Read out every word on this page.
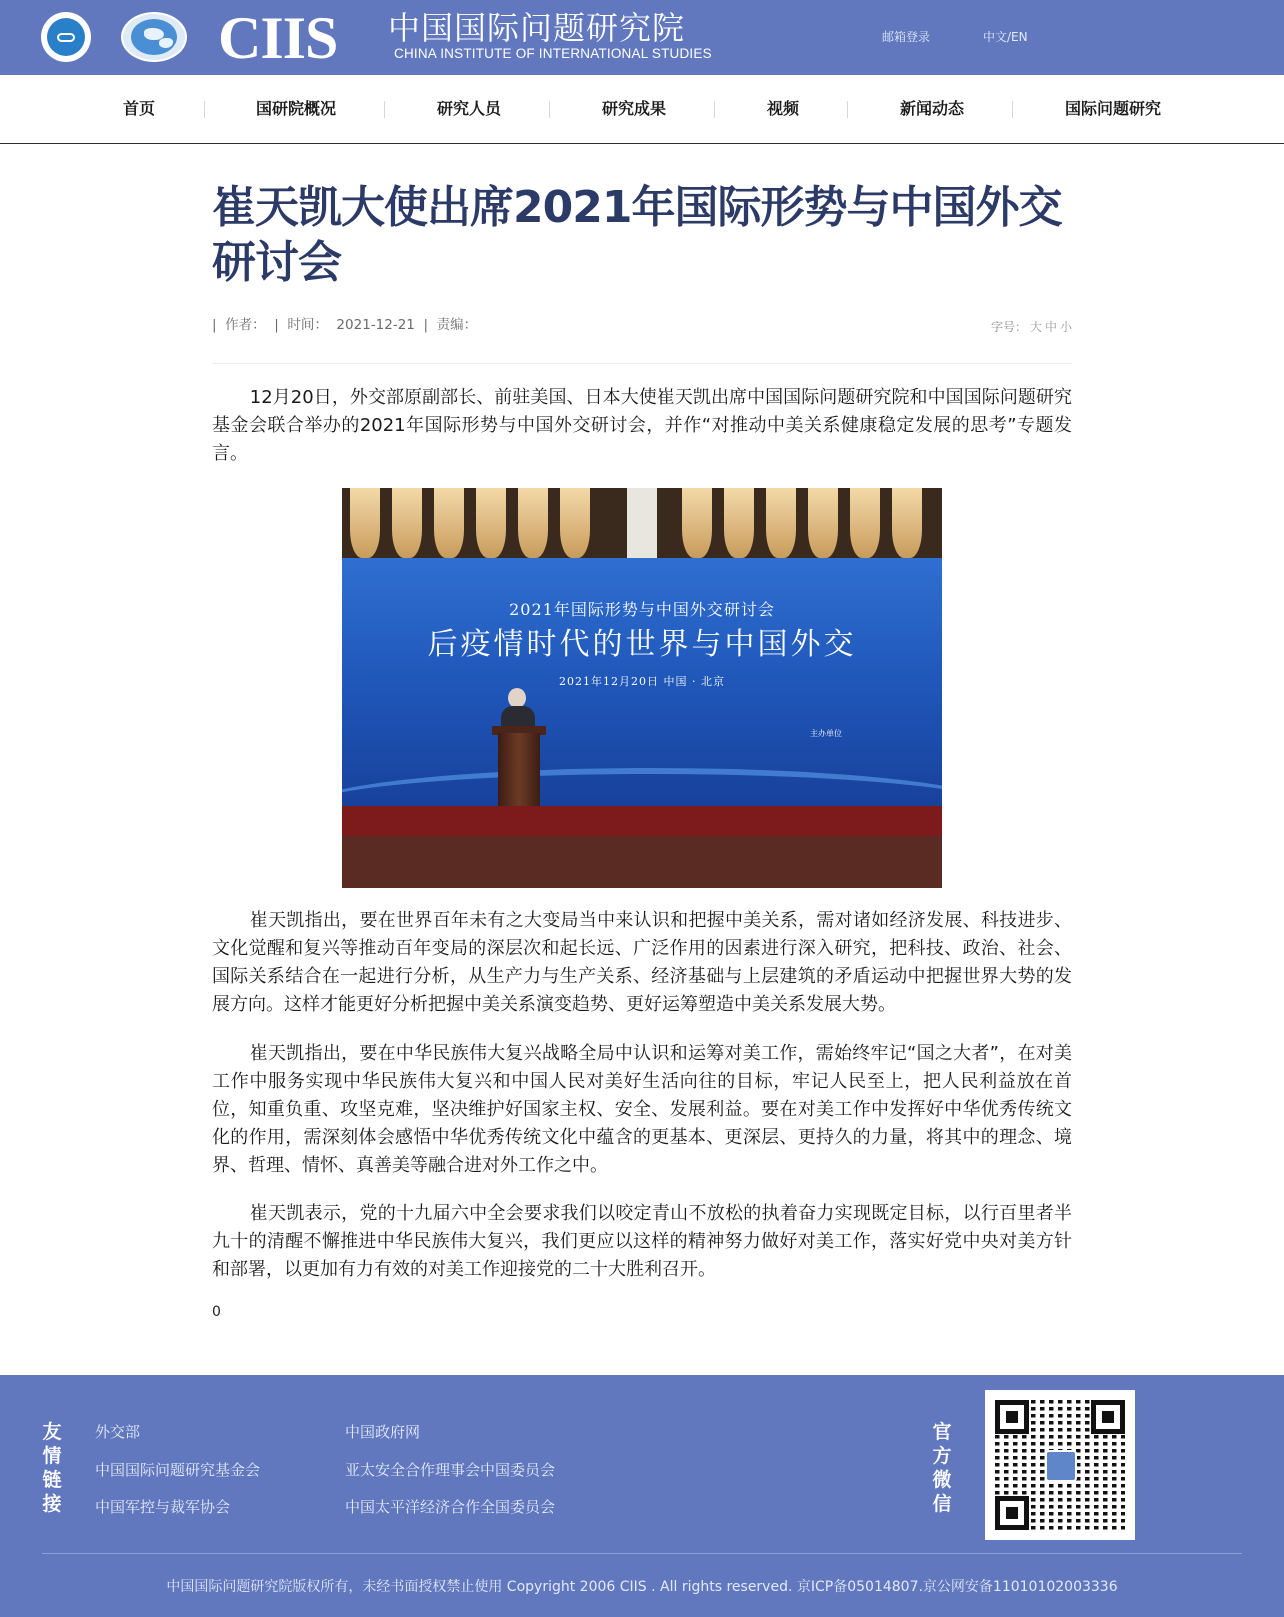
CIIS 中国国际问题研究院
CHINA INSTITUTE OF INTERNATIONAL STUDIES
邮箱登录	中文/EN
首页	国研院概况	研究人员	研究成果	视频	新闻动态	国际问题研究
崔天凯大使出席2021年国际形势与中国外交研讨会
|  作者：  |  时间：  2021-12-21  |  责编：	字号： 大 中 小

12月20日，外交部原副部长、前驻美国、日本大使崔天凯出席中国国际问题研究院和中国国际问题研究基金会联合举办的2021年国际形势与中国外交研讨会，并作“对推动中美关系健康稳定发展的思考”专题发言。

2021年国际形势与中国外交研讨会
后疫情时代的世界与中国外交
2021年12月20日 中国 · 北京
主办单位

崔天凯指出，要在世界百年未有之大变局当中来认识和把握中美关系，需对诸如经济发展、科技进步、文化觉醒和复兴等推动百年变局的深层次和起长远、广泛作用的因素进行深入研究，把科技、政治、社会、国际关系结合在一起进行分析，从生产力与生产关系、经济基础与上层建筑的矛盾运动中把握世界大势的发展方向。这样才能更好分析把握中美关系演变趋势、更好运筹塑造中美关系发展大势。

崔天凯指出，要在中华民族伟大复兴战略全局中认识和运筹对美工作，需始终牢记“国之大者”，在对美工作中服务实现中华民族伟大复兴和中国人民对美好生活向往的目标，牢记人民至上，把人民利益放在首位，知重负重、攻坚克难，坚决维护好国家主权、安全、发展利益。要在对美工作中发挥好中华优秀传统文化的作用，需深刻体会感悟中华优秀传统文化中蕴含的更基本、更深层、更持久的力量，将其中的理念、境界、哲理、情怀、真善美等融合进对外工作之中。

崔天凯表示，党的十九届六中全会要求我们以咬定青山不放松的执着奋力实现既定目标，以行百里者半九十的清醒不懈推进中华民族伟大复兴，我们更应以这样的精神努力做好对美工作，落实好党中央对美方针和部署，以更加有力有效的对美工作迎接党的二十大胜利召开。

0
友
情
链
接
外交部	中国政府网
中国国际问题研究基金会	亚太安全合作理事会中国委员会
中国军控与裁军协会	中国太平洋经济合作全国委员会
官
方
微
信
中国国际问题研究院版权所有，未经书面授权禁止使用 Copyright 2006 CIIS . All rights reserved. 京ICP备05014807.京公网安备11010102003336
